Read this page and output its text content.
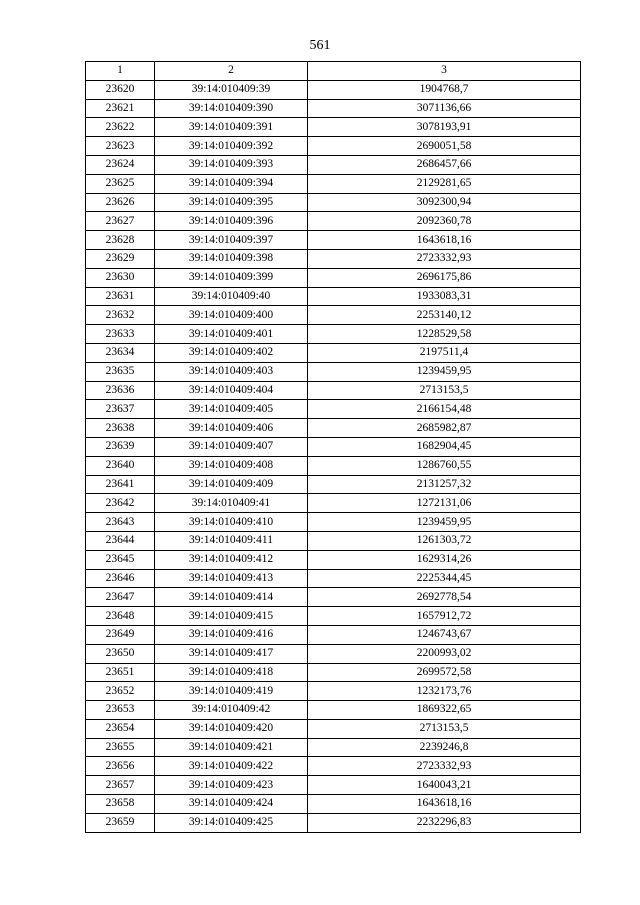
561
1	2	3
23620	39:14:010409:39	1904768,7
23621	39:14:010409:390	3071136,66
23622	39:14:010409:391	3078193,91
23623	39:14:010409:392	2690051,58
23624	39:14:010409:393	2686457,66
23625	39:14:010409:394	2129281,65
23626	39:14:010409:395	3092300,94
23627	39:14:010409:396	2092360,78
23628	39:14:010409:397	1643618,16
23629	39:14:010409:398	2723332,93
23630	39:14:010409:399	2696175,86
23631	39:14:010409:40	1933083,31
23632	39:14:010409:400	2253140,12
23633	39:14:010409:401	1228529,58
23634	39:14:010409:402	2197511,4
23635	39:14:010409:403	1239459,95
23636	39:14:010409:404	2713153,5
23637	39:14:010409:405	2166154,48
23638	39:14:010409:406	2685982,87
23639	39:14:010409:407	1682904,45
23640	39:14:010409:408	1286760,55
23641	39:14:010409:409	2131257,32
23642	39:14:010409:41	1272131,06
23643	39:14:010409:410	1239459,95
23644	39:14:010409:411	1261303,72
23645	39:14:010409:412	1629314,26
23646	39:14:010409:413	2225344,45
23647	39:14:010409:414	2692778,54
23648	39:14:010409:415	1657912,72
23649	39:14:010409:416	1246743,67
23650	39:14:010409:417	2200993,02
23651	39:14:010409:418	2699572,58
23652	39:14:010409:419	1232173,76
23653	39:14:010409:42	1869322,65
23654	39:14:010409:420	2713153,5
23655	39:14:010409:421	2239246,8
23656	39:14:010409:422	2723332,93
23657	39:14:010409:423	1640043,21
23658	39:14:010409:424	1643618,16
23659	39:14:010409:425	2232296,83
